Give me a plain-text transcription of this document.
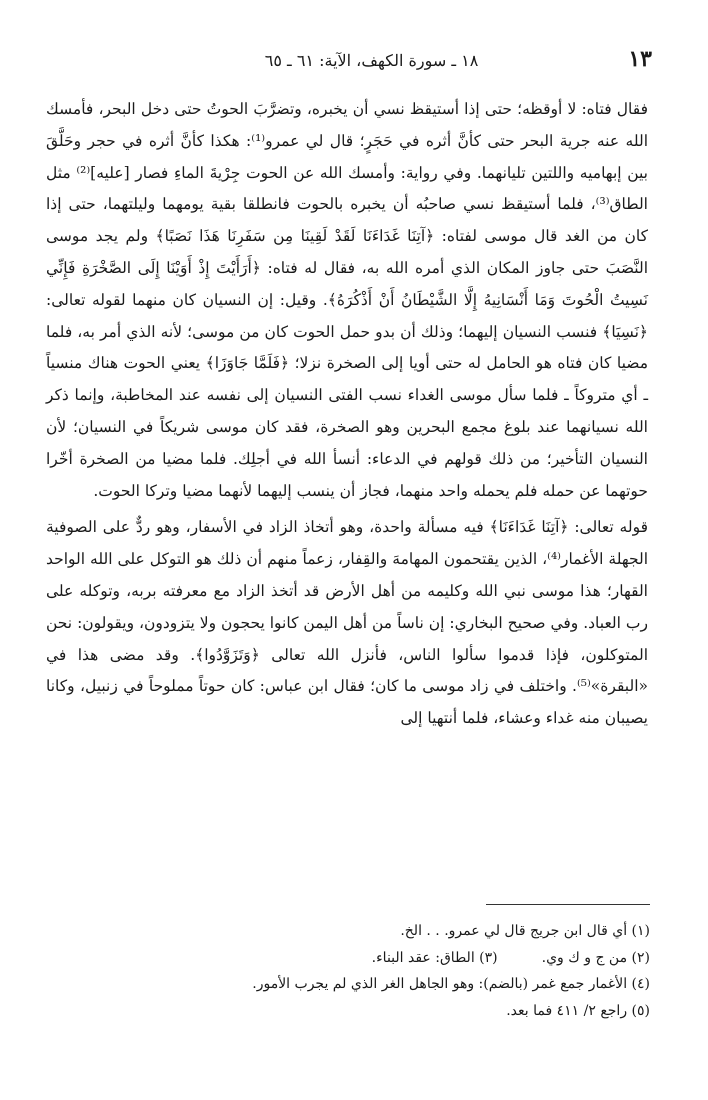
١٣
١٨ ـ سورة الكهف، الآية: ٦١ ـ ٦٥

فقال فتاه: لا أوقظه؛ حتى إذا أستيقظ نسي أن يخبره، وتضرَّبَ الحوتُ حتى دخل البحر، فأمسك الله عنه جرية البحر حتى كأنَّ أثره في حَجَرٍ؛ قال لي عمرو⁽¹⁾: هكذا كأنَّ أثره في حجر وحَلَّقَ بين إبهاميه واللتين تليانهما. وفي رواية: وأمسك الله عن الحوت جِرْيةَ الماءِ فصار [عليه]⁽²⁾ مثل الطاق⁽³⁾، فلما أستيقظ نسي صاحبُه أن يخبره بالحوت فانطلقا بقية يومهما وليلتهما، حتى إذا كان من الغد قال موسى لفتاه: ﴿آتِنَا غَدَاءَنَا لَقَدْ لَقِينَا مِن سَفَرِنَا هَذَا نَصَبًا﴾ ولم يجد موسى النَّصَبَ حتى جاوز المكان الذي أمره الله به، فقال له فتاه: ﴿أَرَأَيْتَ إِذْ أَوَيْنَا إِلَى الصَّخْرَةِ فَإِنِّي نَسِيتُ الْحُوتَ وَمَا أَنْسَانِيهُ إِلَّا الشَّيْطَانُ أَنْ أَذْكُرَهُ﴾. وقيل: إن النسيان كان منهما لقوله تعالى: ﴿نَسِيَا﴾ فنسب النسيان إليهما؛ وذلك أن بدو حمل الحوت كان من موسى؛ لأنه الذي أمر به، فلما مضيا كان فتاه هو الحامل له حتى أويا إلى الصخرة نزلا؛ ﴿فَلَمَّا جَاوَزَا﴾ يعني الحوت هناك منسياً ـ أي متروكاً ـ فلما سأل موسى الغداء نسب الفتى النسيان إلى نفسه عند المخاطبة، وإنما ذكر الله نسيانهما عند بلوغ مجمع البحرين وهو الصخرة، فقد كان موسى شريكاً في النسيان؛ لأن النسيان التأخير؛ من ذلك قولهم في الدعاء: أنسأ الله في أجلِك. فلما مضيا من الصخرة أخّرا حوتهما عن حمله فلم يحمله واحد منهما، فجاز أن ينسب إليهما لأنهما مضيا وتركا الحوت.

قوله تعالى: ﴿آتِنَا غَدَاءَنَا﴾ فيه مسألة واحدة، وهو أتخاذ الزاد في الأسفار، وهو ردٌّ على الصوفية الجهلة الأغمار⁽⁴⁾، الذين يقتحمون المهامهَ والقِفار، زعماً منهم أن ذلك هو التوكل على الله الواحد القهار؛ هذا موسى نبي الله وكليمه من أهل الأرض قد أتخذ الزاد مع معرفته بربه، وتوكله على رب العباد. وفي صحيح البخاري: إن ناساً من أهل اليمن كانوا يحجون ولا يتزودون، ويقولون: نحن المتوكلون، فإذا قدموا سألوا الناس، فأنزل الله تعالى ﴿وَتَزَوَّدُوا﴾. وقد مضى هذا في «البقرة»⁽⁵⁾. واختلف في زاد موسى ما كان؛ فقال ابن عباس: كان حوتاً مملوحاً في زنبيل، وكانا يصيبان منه غداء وعشاء، فلما أنتهيا إلى

(١) أي قال ابن جريج قال لي عمرو. . . الخ.
(٢) من ج و ك وي.
(٣) الطاق: عقد البناء.
(٤) الأغمار جمع غمر (بالضم): وهو الجاهل الغر الذي لم يجرب الأمور.
(٥) راجع ٢/ ٤١١ فما بعد.
